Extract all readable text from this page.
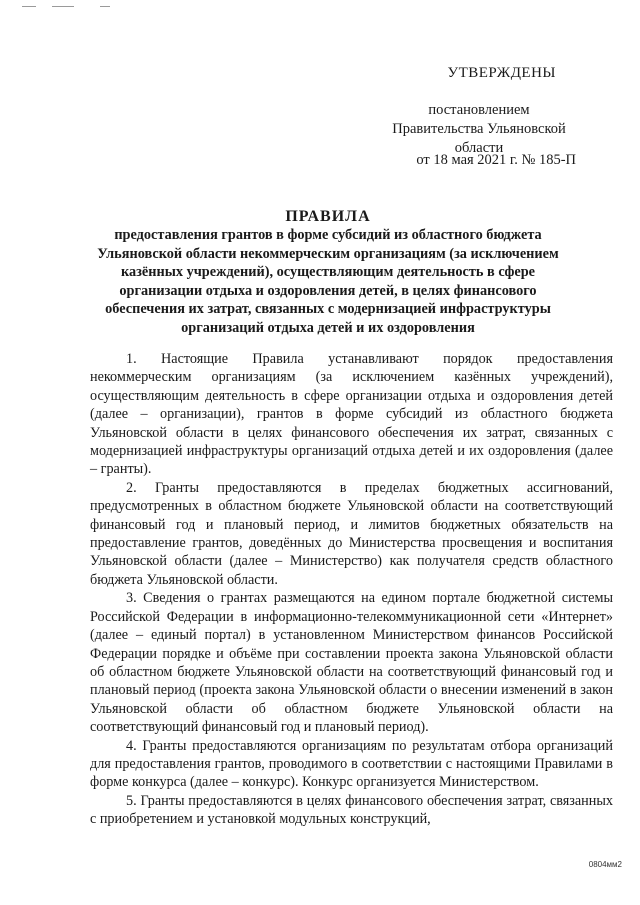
УТВЕРЖДЕНЫ
постановлением Правительства Ульяновской области
от 18 мая 2021 г. № 185-П
ПРАВИЛА
предоставления грантов в форме субсидий из областного бюджета Ульяновской области некоммерческим организациям (за исключением казённых учреждений), осуществляющим деятельность в сфере организации отдыха и оздоровления детей, в целях финансового обеспечения их затрат, связанных с модернизацией инфраструктуры организаций отдыха детей и их оздоровления

1. Настоящие Правила устанавливают порядок предоставления некоммерческим организациям (за исключением казённых учреждений), осуществляющим деятельность в сфере организации отдыха и оздоровления детей (далее – организации), грантов в форме субсидий из областного бюджета Ульяновской области в целях финансового обеспечения их затрат, связанных с модернизацией инфраструктуры организаций отдыха детей и их оздоровления (далее – гранты).

2. Гранты предоставляются в пределах бюджетных ассигнований, предусмотренных в областном бюджете Ульяновской области на соответствующий финансовый год и плановый период, и лимитов бюджетных обязательств на предоставление грантов, доведённых до Министерства просвещения и воспитания Ульяновской области (далее – Министерство) как получателя средств областного бюджета Ульяновской области.

3. Сведения о грантах размещаются на едином портале бюджетной системы Российской Федерации в информационно-телекоммуникационной сети «Интернет» (далее – единый портал) в установленном Министерством финансов Российской Федерации порядке и объёме при составлении проекта закона Ульяновской области об областном бюджете Ульяновской области на соответствующий финансовый год и плановый период (проекта закона Ульяновской области о внесении изменений в закон Ульяновской области об областном бюджете Ульяновской области на соответствующий финансовый год и плановый период).

4. Гранты предоставляются организациям по результатам отбора организаций для предоставления грантов, проводимого в соответствии с настоящими Правилами в форме конкурса (далее – конкурс). Конкурс организуется Министерством.

5. Гранты предоставляются в целях финансового обеспечения затрат, связанных с приобретением и установкой модульных конструкций,

0804мм2
